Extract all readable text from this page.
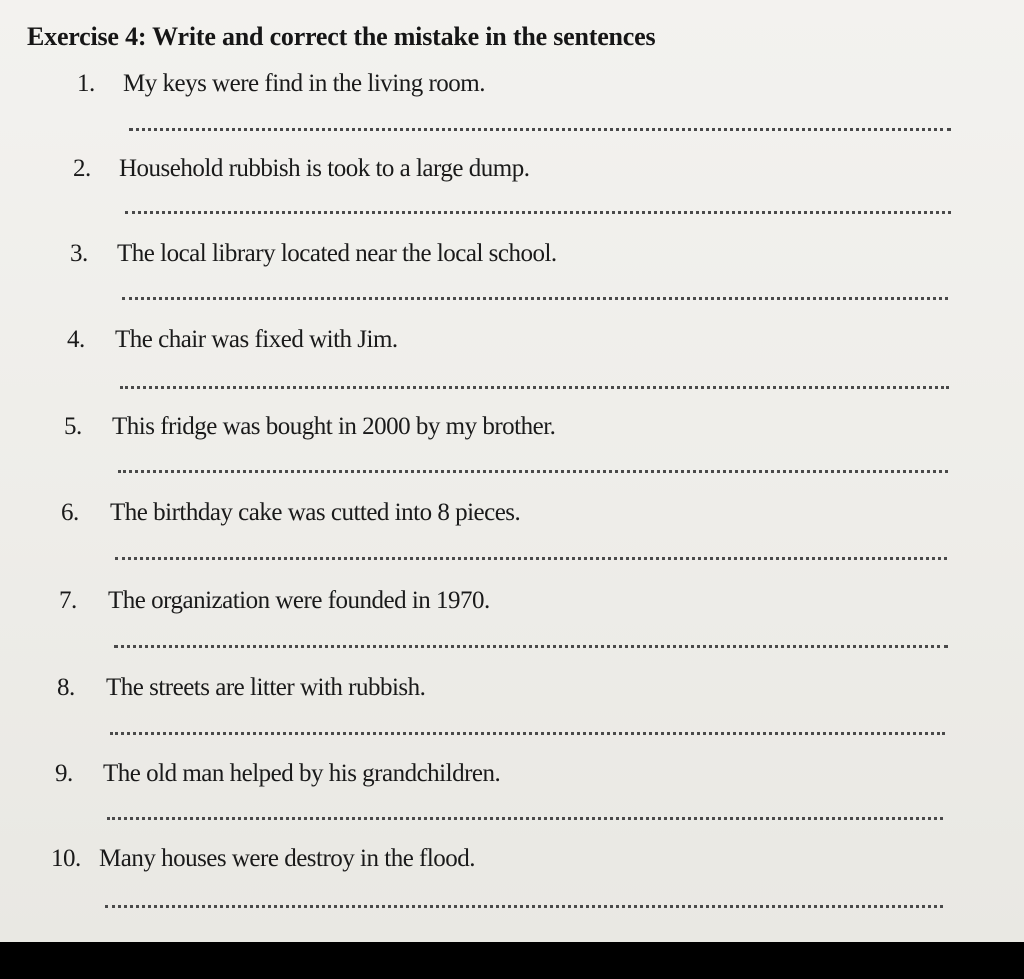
Exercise 4: Write and correct the mistake in the sentences
1. My keys were find in the living room.
2. Household rubbish is took to a large dump.
3. The local library located near the local school.
4. The chair was fixed with Jim.
5. This fridge was bought in 2000 by my brother.
6. The birthday cake was cutted into 8 pieces.
7. The organization were founded in 1970.
8. The streets are litter with rubbish.
9. The old man helped by his grandchildren.
10. Many houses were destroy in the flood.
